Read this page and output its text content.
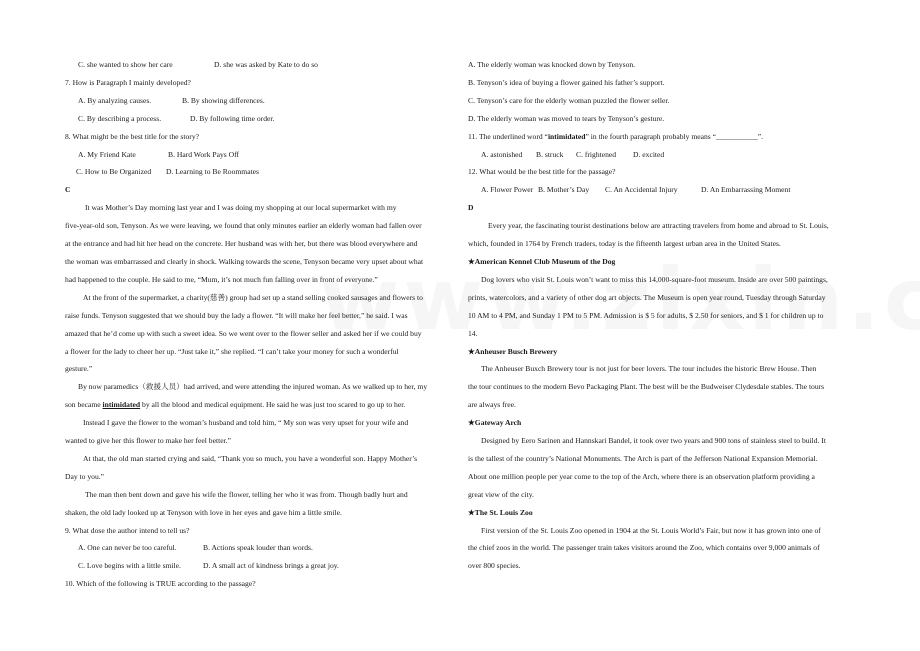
C. she wanted to show her care	D. she was asked by Kate to do so
7. How is Paragraph I mainly developed?
A. By analyzing causes.	B. By showing differences.
C. By describing a process.	D. By following time order.
8. What might be the best title for the story?
A. My Friend Kate	B. Hard Work Pays Off
C. How to Be Organized D. Learning to Be Roommates
C
It was Mother’s Day morning last year and I was doing my shopping at our local supermarket with my
five-year-old son, Tenyson. As we were leaving, we found that only minutes earlier an elderly woman had fallen over
at the entrance and had hit her head on the concrete. Her husband was with her, but there was blood everywhere and
the woman was embarrassed and clearly in shock. Walking towards the scene, Tenyson became very upset about what
had happened to the couple. He said to me, “Mum, it’s not much fun falling over in front of everyone.”
At the front of the supermarket, a charity(慈善) group had set up a stand selling cooked sausages and flowers to
raise funds. Tenyson suggested that we should buy the lady a flower. “It will make her feel better,” he said. I was
amazed that he’d come up with such a sweet idea. So we went over to the flower seller and asked her if we could buy
a flower for the lady to cheer her up. “Just take it,” she replied. “I can’t take your money for such a wonderful
gesture.”
By now paramedics（救援人员）had arrived, and were attending the injured woman. As we walked up to her, my
son became intimidated by all the blood and medical equipment. He said he was just too scared to go up to her.
Instead I gave the flower to the woman’s husband and told him, “ My son was very upset for your wife and
wanted to give her this flower to make her feel better.”
At that, the old man started crying and said, “Thank you so much, you have a wonderful son. Happy Mother’s
Day to you.”
The man then bent down and gave his wife the flower, telling her who it was from. Though badly hurt and
shaken, the old lady looked up at Tenyson with love in her eyes and gave him a little smile.
9. What dose the author intend to tell us?
A. One can never be too careful.	B. Actions speak louder than words.
C. Love begins with a little smile.	D. A small act of kindness brings a great joy.
10. Which of the following is TRUE according to the passage?
A. The elderly woman was knocked down by Tenyson.
B. Tenyson’s idea of buying a flower gained his father’s support.
C. Tenyson’s care for the elderly woman puzzled the flower seller.
D. The elderly woman was moved to tears by Tenyson’s gesture.
11. The underlined word “intimidated” in the fourth paragraph probably means “___________”.
A. astonished B. struck C. frightened D. excited
12. What would be the best title for the passage?
A. Flower Power B. Mother’s Day C. An Accidental Injury	D. An Embarrassing Moment
D
Every year, the fascinating tourist destinations below are attracting travelers from home and abroad to St. Louis,
which, founded in 1764 by French traders, today is the fifteenth largest urban area in the United States.
★American Kennel Club Museum of the Dog
Dog lovers who visit St. Louis won’t want to miss this 14,000-square-foot museum. Inside are over 500 paintings,
prints, watercolors, and a variety of other dog art objects. The Museum is open year round, Tuesday through Saturday
10 AM to 4 PM, and Sunday 1 PM to 5 PM. Admission is $ 5 for adults, $ 2.50 for seniors, and $ 1 for children up to
14.
★Anheuser Busch Brewery
The Anheuser Buxch Brewery tour is not just for beer lovers. The tour includes the historic Brew House. Then
the tour continues to the modern Bevo Packaging Plant. The best will be the Budweiser Clydesdale stables. The tours
are always free.
★Gateway Arch
Designed by Eero Sarinen and Hannskari Bandel, it took over two years and 900 tons of stainless steel to build. It
is the tallest of the country’s National Monuments. The Arch is part of the Jefferson National Expansion Memorial.
About one million people per year come to the top of the Arch, where there is an observation platform providing a
great view of the city.
★The St. Louis Zoo
First version of the St. Louis Zoo opened in 1904 at the St. Louis World’s Fair, but now it has grown into one of
the chief zoos in the world. The passenger train takes visitors around the Zoo, which contains over 9,000 animals of
over 800 species.
